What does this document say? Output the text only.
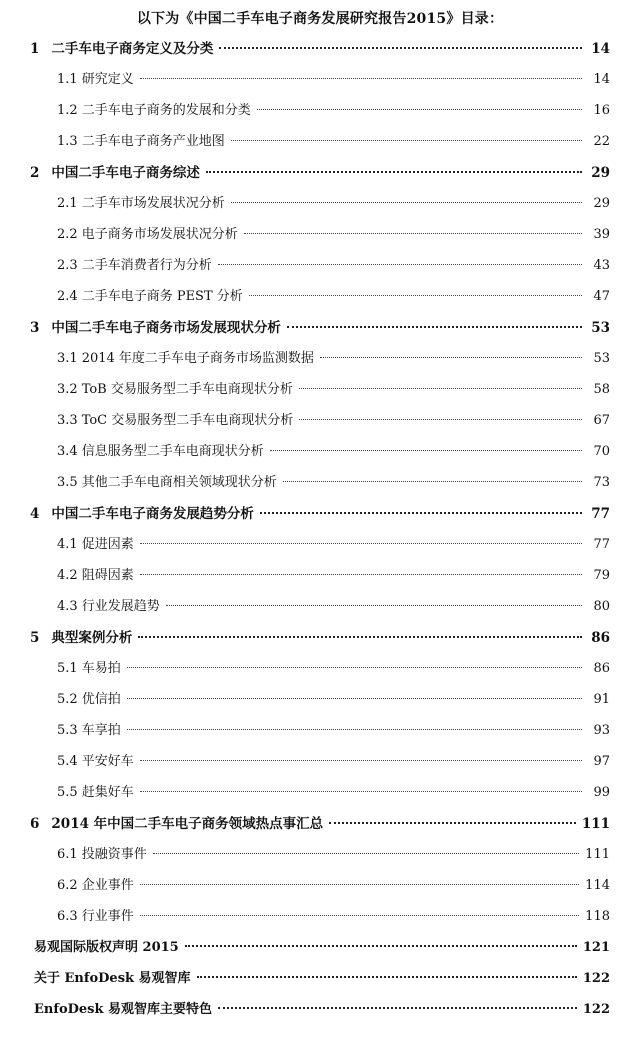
以下为《中国二手车电子商务发展研究报告2015》目录：
1 二手车电子商务定义及分类	14
1.1 研究定义	14
1.2 二手车电子商务的发展和分类	16
1.3 二手车电子商务产业地图	22
2 中国二手车电子商务综述	29
2.1 二手车市场发展状况分析	29
2.2 电子商务市场发展状况分析	39
2.3 二手车消费者行为分析	43
2.4 二手车电子商务 PEST 分析	47
3 中国二手车电子商务市场发展现状分析	53
3.1 2014 年度二手车电子商务市场监测数据	53
3.2 ToB 交易服务型二手车电商现状分析	58
3.3 ToC 交易服务型二手车电商现状分析	67
3.4 信息服务型二手车电商现状分析	70
3.5 其他二手车电商相关领域现状分析	73
4 中国二手车电子商务发展趋势分析	77
4.1 促进因素	77
4.2 阻碍因素	79
4.3 行业发展趋势	80
5 典型案例分析	86
5.1 车易拍	86
5.2 优信拍	91
5.3 车享拍	93
5.4 平安好车	97
5.5 赶集好车	99
6 2014 年中国二手车电子商务领域热点事汇总	111
6.1 投融资事件	111
6.2 企业事件	114
6.3 行业事件	118
易观国际版权声明 2015	121
关于 EnfoDesk 易观智库	122
EnfoDesk 易观智库主要特色	122
